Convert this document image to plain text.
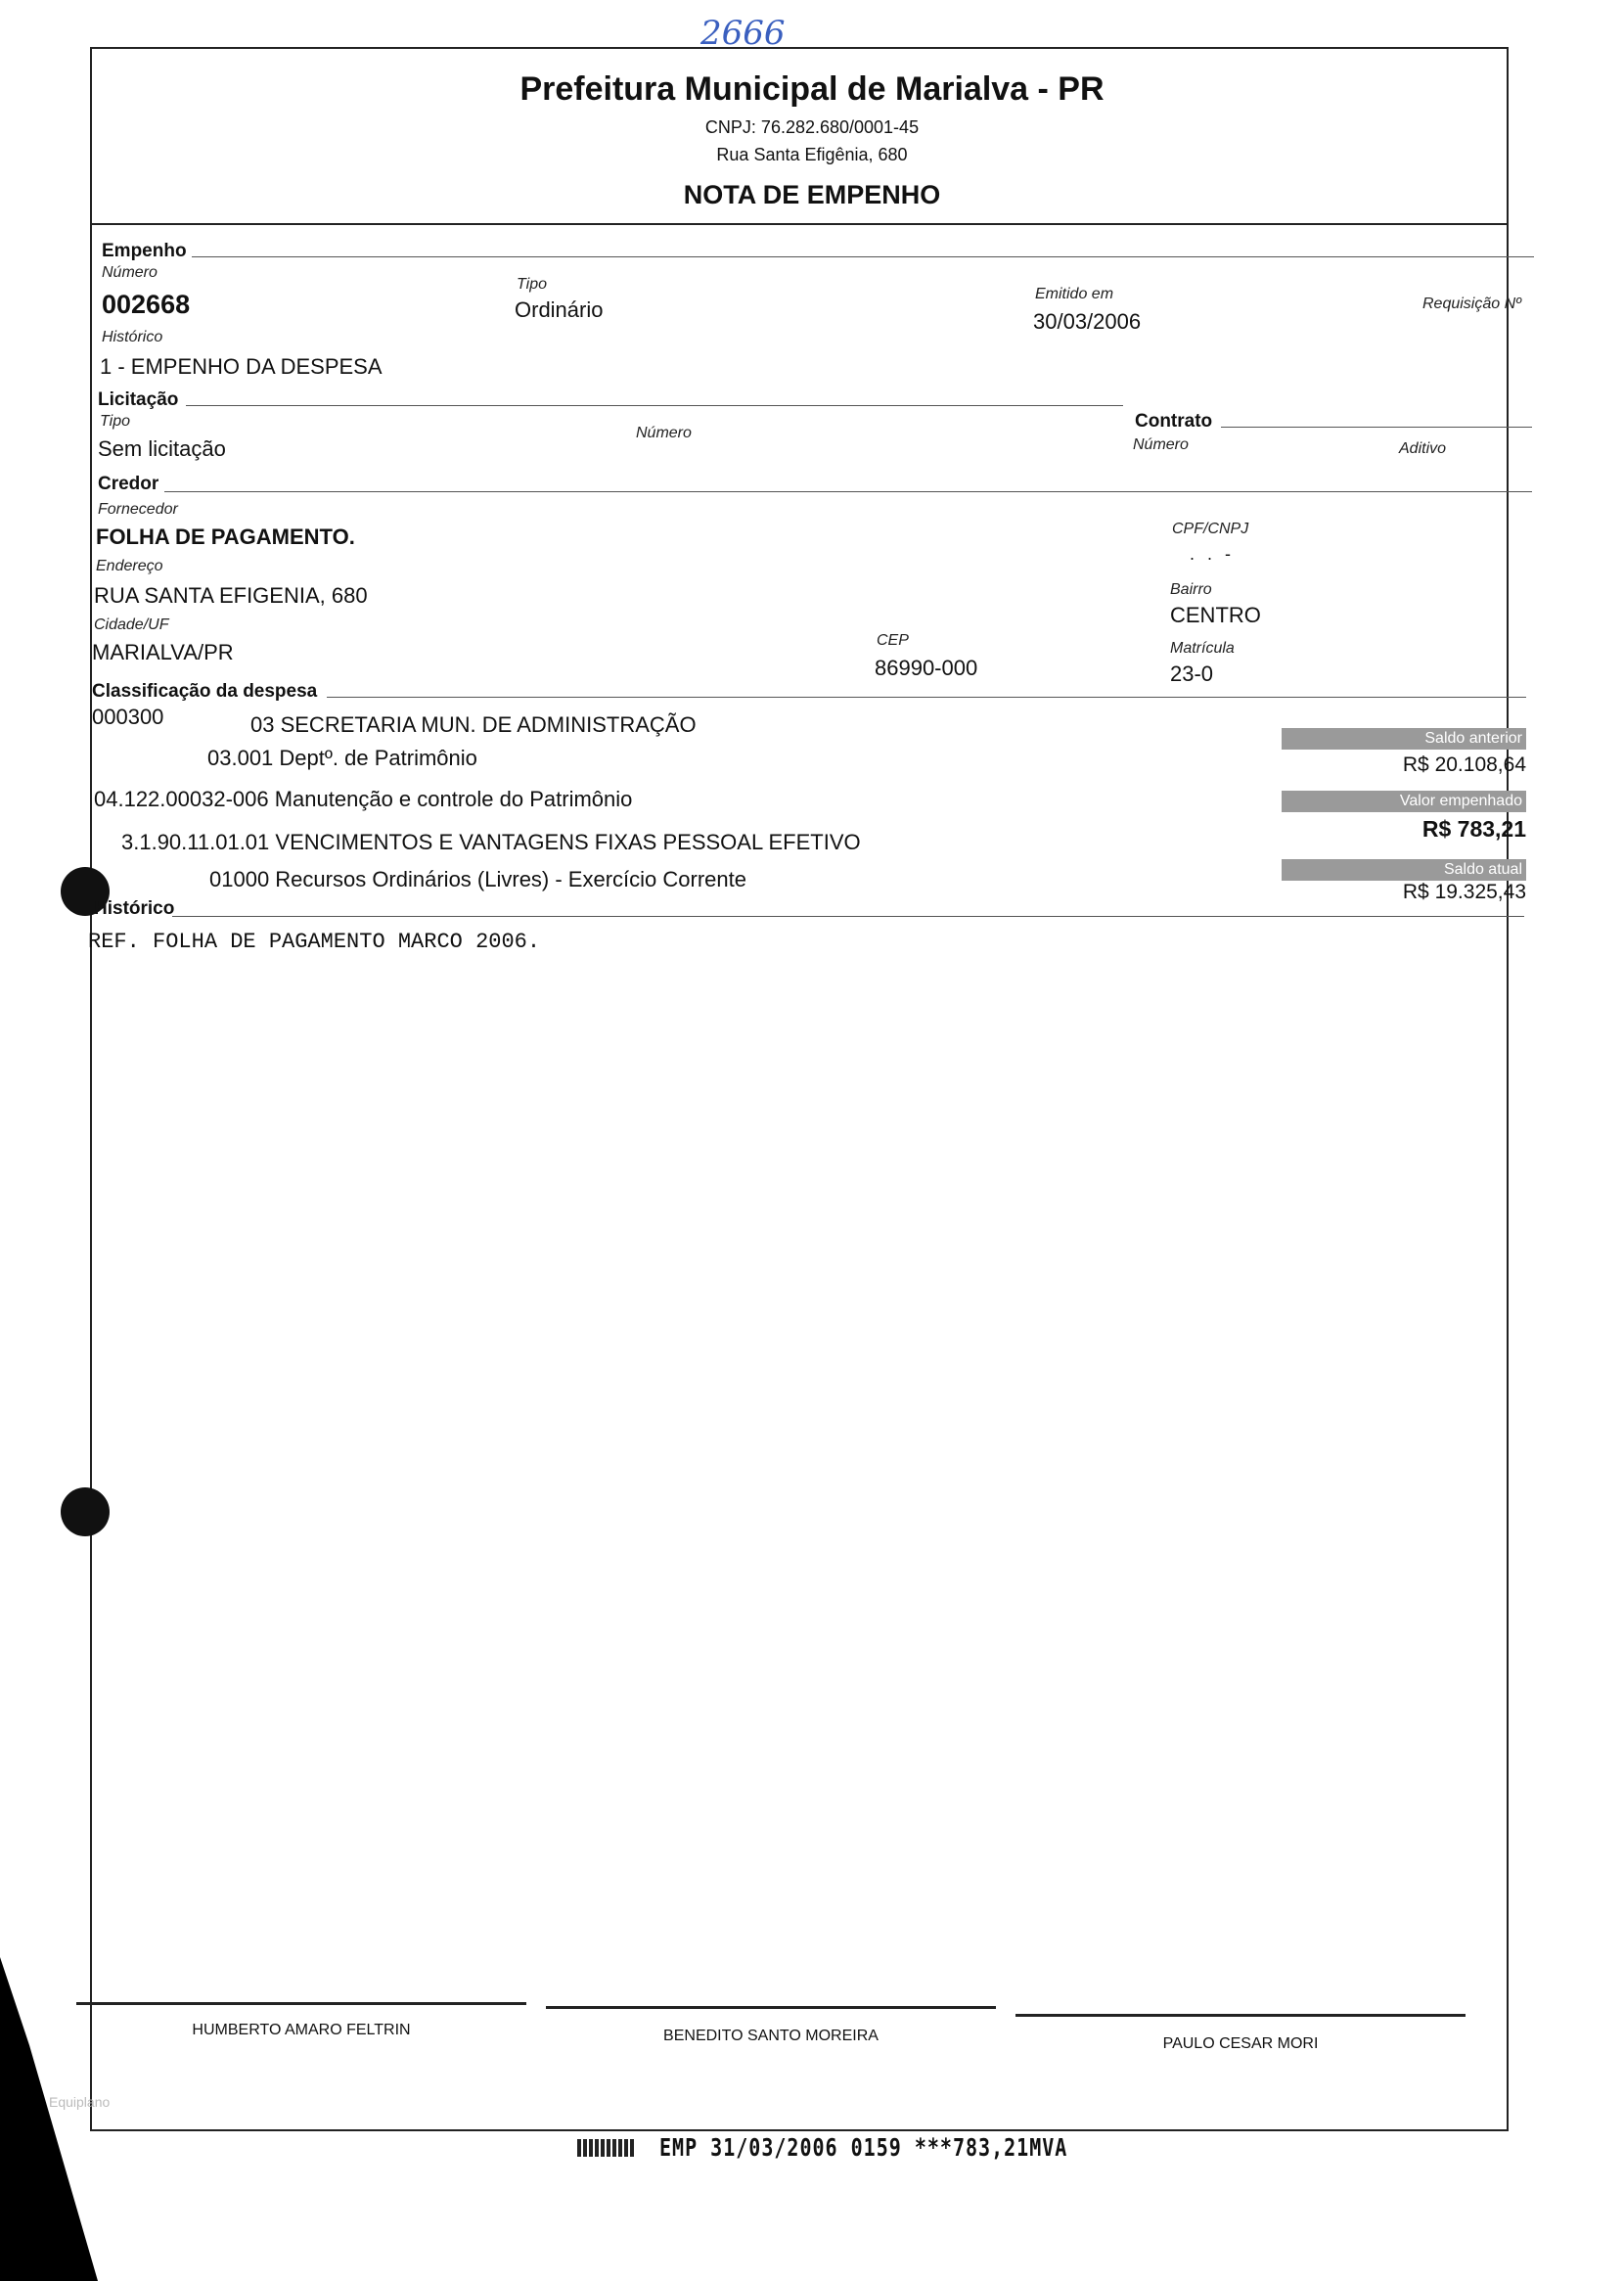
2666
Prefeitura Municipal de Marialva - PR
CNPJ: 76.282.680/0001-45
Rua Santa Efigênia, 680
NOTA DE EMPENHO
Empenho
Número
002668
Tipo
Ordinário
Emitido em
30/03/2006
Requisição Nº
Histórico
1 - EMPENHO DA DESPESA
Licitação
Tipo
Sem licitação
Número
Contrato
Número	Aditivo
Credor
Fornecedor
FOLHA DE PAGAMENTO.	CPF/CNPJ
. . -
Endereço
RUA SANTA EFIGENIA, 680	Bairro
CENTRO
Cidade/UF
MARIALVA/PR	CEP
86990-000
Matrícula
23-0
Classificação da despesa
000300	03 SECRETARIA MUN. DE ADMINISTRAÇÃO
03.001 Deptº. de Patrimônio
04.122.00032-006 Manutenção e controle do Patrimônio
3.1.90.11.01.01 VENCIMENTOS E VANTAGENS FIXAS PESSOAL EFETIVO
01000 Recursos Ordinários (Livres) - Exercício Corrente
Saldo anterior
R$ 20.108,64
Valor empenhado
R$ 783,21
Saldo atual
R$ 19.325,43
Histórico
REF. FOLHA DE PAGAMENTO MARCO 2006.
HUMBERTO AMARO FELTRIN	BENEDITO SANTO MOREIRA	PAULO CESAR MORI
Equiplano
EMP 31/03/2006 0159 ***783,21MVA
